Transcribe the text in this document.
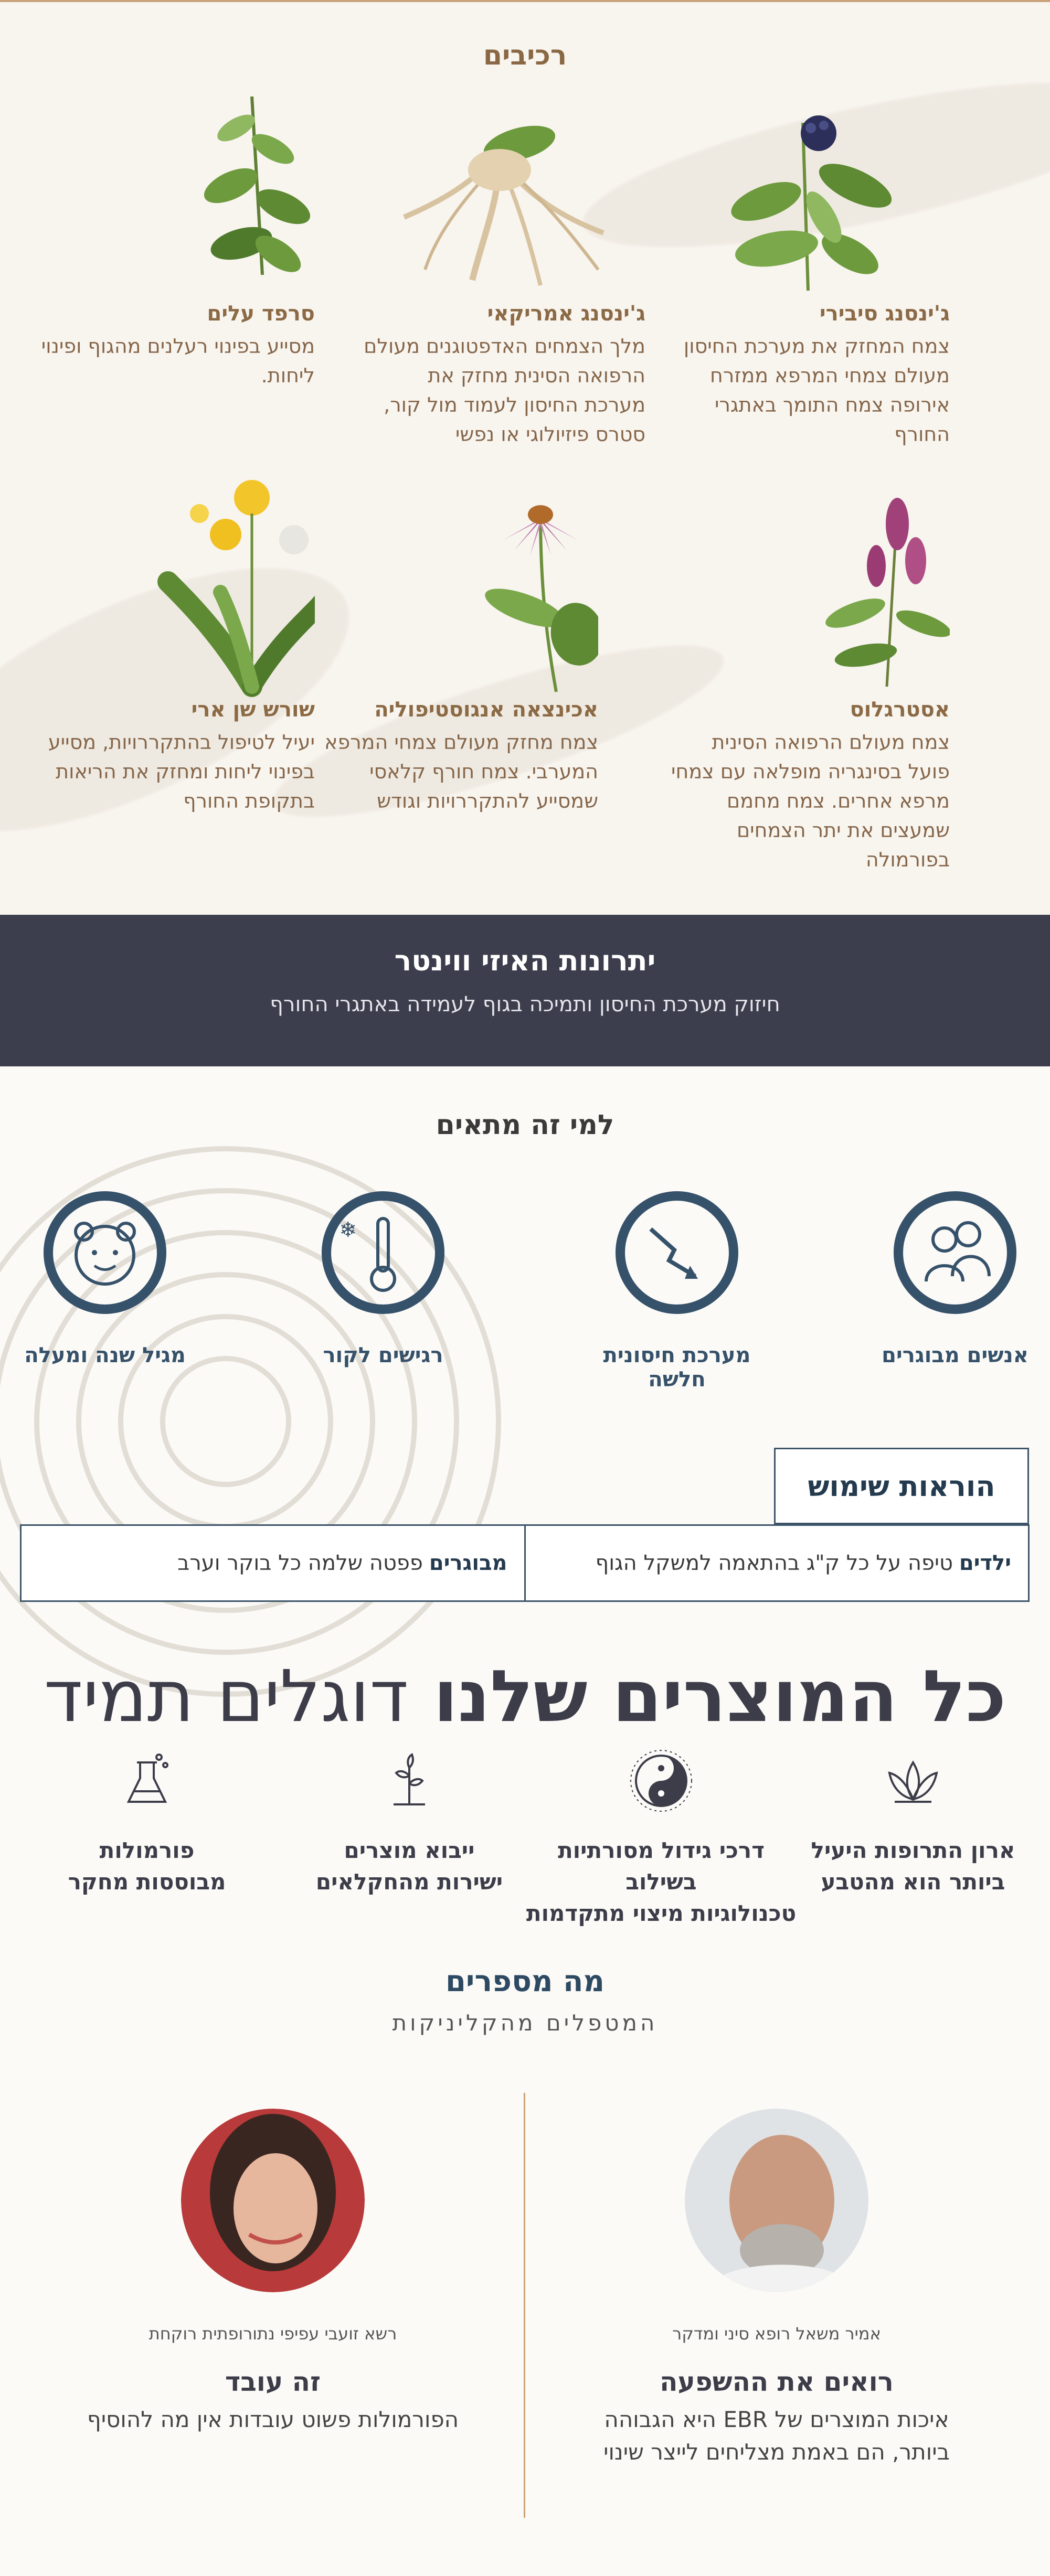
רכיבים
ג'ינסנג סיבירי

צמח המחזק את מערכת החיסון מעולם צמחי המרפא ממזרח אירופה צמח התומך באתגרי החורף

ג'ינסנג אמריקאי

מלך הצמחים האדפטוגנים מעולם הרפואה הסינית מחזק את מערכת החיסון לעמוד מול קור, סטרס פיזיולוגי או נפשי

סרפד עלים

מסייע בפינוי רעלנים מהגוף ופינוי ליחות.

אסטרגלוס

צמח מעולם הרפואה הסינית פועל בסינגריה מופלאה עם צמחי מרפא אחרים. צמח מחמם שמעצים את יתר הצמחים בפורמולה

אכינצאה אנגוסטיפוליה

צמח מחזק מעולם צמחי המרפא המערבי. צמח חורף קלאסי שמסייע להתקררויות וגודש

שורש שן ארי

יעיל לטיפול בהתקררויות, מסייע בפינוי ליחות ומחזק את הריאות בתקופת החורף

יתרונות האיזי ווינטר

חיזוק מערכת החיסון ותמיכה בגוף לעמידה באתגרי החורף

למי זה מתאים
אנשים מבוגרים
מערכת חיסונית חלשה
❄
רגישים לקור
מגיל שנה ומעלה
הוראות שימוש
ילדים
טיפה על כל ק"ג בהתאמה למשקל הגוף
מבוגרים
פפטה שלמה כל בוקר וערב
כל המוצרים שלנו דוגלים תמיד
ארון התרופות היעיל
ביותר הוא מהטבע
דרכי גידול מסורתיות בשילוב
טכנולוגיות מיצוי מתקדמות
ייבוא מוצרים
ישירות מהחקלאים
פורמולות
מבוססות מחקר
מה מספרים

המטפלים מהקליניקות

אמיר משאל רופא סיני ומדקר
רואים את ההשפעה
איכות המוצרים של EBR היא הגבוהה ביותר, הם באמת מצליחים לייצר שינוי
רשא זועבי עפיפי נתורופתית רוקחת
זה עובד
הפורמולות פשוט עובדות אין מה להוסיף
